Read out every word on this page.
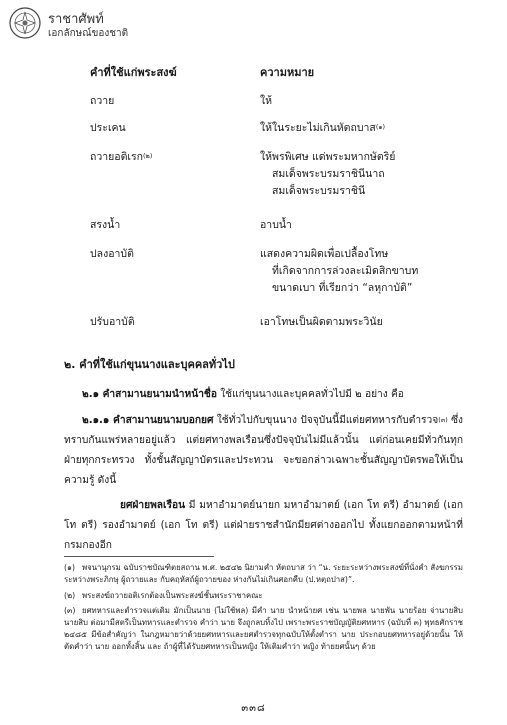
ราชาศัพท์
เอกลักษณ์ของชาติ
คำที่ใช้แก่พระสงฆ์	ความหมาย
ถวาย	ให้
ประเคน	ให้ในระยะไม่เกินหัตถบาส$^{(๑)}$
ถวายอติเรก$^{(๒)}$	ให้พรพิเศษ แด่พระมหากษัตริย์
สมเด็จพระบรมราชินีนาถ
สมเด็จพระบรมราชินี
สรงน้ำ	อาบน้ำ
ปลงอาบัติ	แสดงความผิดเพื่อเปลื้องโทษ
ที่เกิดจากการล่วงละเมิดสิกขาบท
ขนาดเบา ที่เรียกว่า “ลหุกาบัติ”
ปรับอาบัติ	เอาโทษเป็นผิดตามพระวินัย
๒. คำที่ใช้แก่ขุนนางและบุคคลทั่วไป
๒.๑ คำสามานยนามนำหน้าชื่อ ใช้แก่ขุนนางและบุคคลทั่วไปมี ๒ อย่าง คือ
๒.๑.๑ คำสามานยนามบอกยศ ใช้ทั่วไปกับขุนนาง ปัจจุบันนี้มีแต่ยศทหารกับตำรวจ$^{(๓)}$ ซึ่งทราบกันแพร่หลายอยู่แล้ว แต่ยศทางพลเรือนซึ่งปัจจุบันไม่มีแล้วนั้น แต่ก่อนเคยมีทั่วกันทุกฝ่ายทุกกระทรวง ทั้งชั้นสัญญาบัตรและประทวน จะขอกล่าวเฉพาะชั้นสัญญาบัตรพอให้เป็นความรู้ ดังนี้
ยศฝ่ายพลเรือน มี มหาอำมาตย์นายก มหาอำมาตย์ (เอก โท ตรี) อำมาตย์ (เอก โท ตรี) รองอำมาตย์ (เอก โท ตรี) แต่ฝ่ายราชสำนักมียศต่างออกไป ทั้งแยกออกตามหน้าที่กรมกองอีก
(๑) พจนานุกรม ฉบับราชบัณฑิตยสถาน พ.ศ. ๒๕๔๒ นิยามคำ หัตถบาส ว่า “น. ระยะระหว่างพระสงฆ์ที่นั่งคำ สังฆกรรมระหว่างพระภิกษุ ผู้ถวายและ กับคฤหัสถ์ผู้ถวายของ ห่างกันไม่เกินศอกคืบ (ป.หตฺถปาส)”.
(๒) พระสงฆ์ถวายอติเรกต้องเป็นพระสงฆ์ชั้นพระราชาคณะ
(๓) ยศทหารและตำรวจแต่เดิม มักเป็นนาย (ไม่ใช้พล) มีคำ นาย นำหน้ายศ เช่น นายพล นายพัน นายร้อย จ่านายสิบ นายสิบ ต่อมามีสตรีเป็นทหารและตำรวจ คำว่า นาย จึงถูกลบทิ้งไป เพราะพระราชบัญญัติยศทหาร (ฉบับที่ ๓) พุทธศักราช ๒๔๘๕ มีข้อสำคัญว่า ในกฎหมายว่าด้วยยศทหารและยศตำรวจทุกฉบับให้ตั้งตำรา นาย ประกอบยศทหารอยู่ด้วยนั้น ให้ตัดคำว่า นาย ออกทั้งสิ้น และ ถ้าผู้ที่ได้รับยศทหารเป็นหญิง ให้เติมคำว่า หญิง ท้ายยศนั้นๆ ด้วย
๓๓๘
